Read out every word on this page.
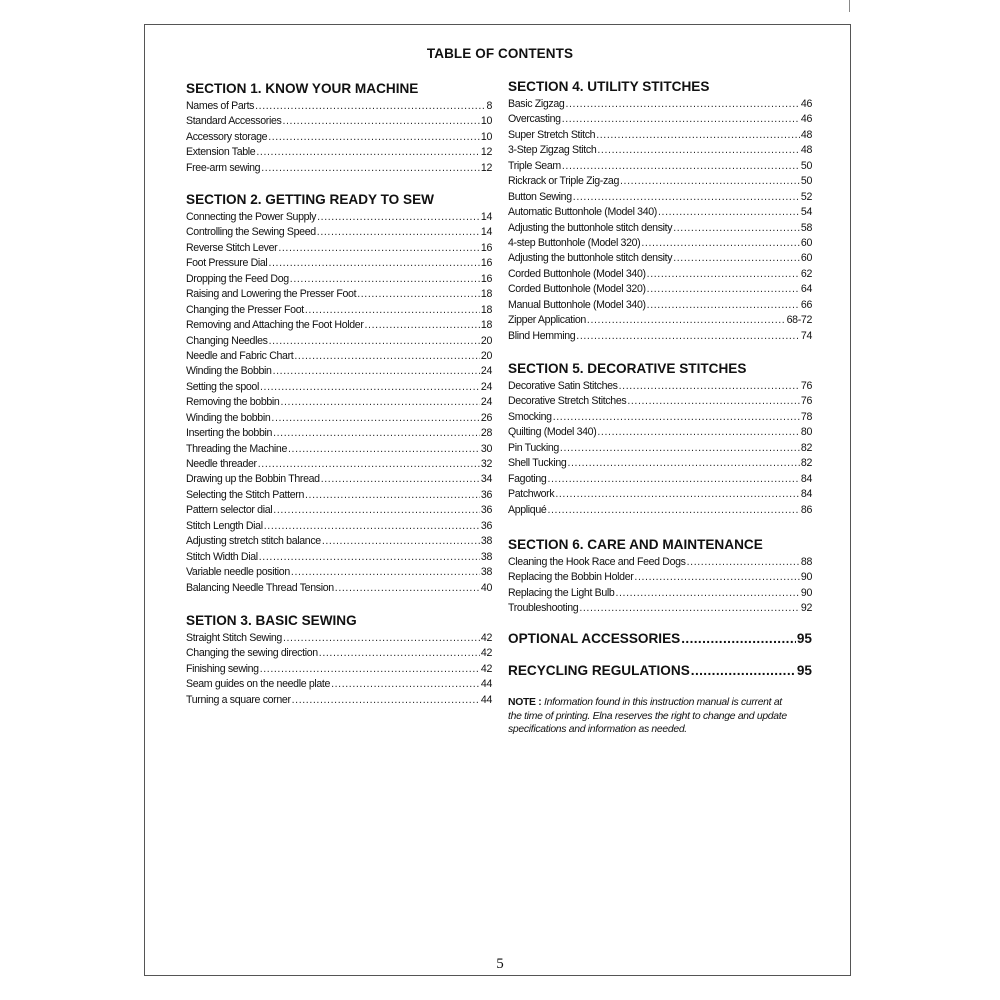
TABLE OF CONTENTS
SECTION 1. KNOW YOUR MACHINE
Names of Parts .....	8
Standard Accessories .....	10
Accessory storage .....	10
Extension Table .....	12
Free-arm sewing .....	12
SECTION 2. GETTING READY TO SEW
Connecting the Power Supply .....	14
Controlling the Sewing Speed .....	14
Reverse Stitch Lever .....	16
Foot Pressure Dial .....	16
Dropping the Feed Dog .....	16
Raising and Lowering the Presser Foot .....	18
Changing the Presser Foot .....	18
Removing and Attaching the Foot Holder .....	18
Changing Needles .....	20
Needle and Fabric Chart .....	20
Winding the Bobbin .....	24
Setting the spool .....	24
Removing the bobbin .....	24
Winding the bobbin .....	26
Inserting the bobbin .....	28
Threading the Machine .....	30
Needle threader .....	32
Drawing up the Bobbin Thread .....	34
Selecting the Stitch Pattern .....	36
Pattern selector dial .....	36
Stitch Length Dial .....	36
Adjusting stretch stitch balance .....	38
Stitch Width Dial .....	38
Variable needle position .....	38
Balancing Needle Thread Tension .....	40
SETION 3. BASIC SEWING
Straight Stitch Sewing .....	42
Changing the sewing direction .....	42
Finishing sewing .....	42
Seam guides on the needle plate .....	44
Turning a square corner .....	44
SECTION 4. UTILITY STITCHES
Basic Zigzag .....	46
Overcasting .....	46
Super Stretch Stitch .....	48
3-Step Zigzag Stitch .....	48
Triple Seam .....	50
Rickrack or Triple Zig-zag .....	50
Button Sewing .....	52
Automatic Buttonhole (Model 340) .....	54
Adjusting the buttonhole stitch density .....	58
4-step Buttonhole (Model 320) .....	60
Adjusting the buttonhole stitch density .....	60
Corded Buttonhole (Model 340) .....	62
Corded Buttonhole (Model 320) .....	64
Manual Buttonhole (Model 340) .....	66
Zipper Application .....	68-72
Blind Hemming .....	74
SECTION 5. DECORATIVE STITCHES
Decorative Satin Stitches .....	76
Decorative Stretch Stitches .....	76
Smocking .....	78
Quilting (Model 340) .....	80
Pin Tucking .....	82
Shell Tucking .....	82
Fagoting .....	84
Patchwork .....	84
Appliqué .....	86
SECTION 6. CARE AND MAINTENANCE
Cleaning the Hook Race and Feed Dogs .....	88
Replacing the Bobbin Holder .....	90
Replacing the Light Bulb .....	90
Troubleshooting .....	92
OPTIONAL ACCESSORIES .....	95
RECYCLING REGULATIONS .....	95
NOTE : Information found in this instruction manual is current at the time of printing. Elna reserves the right to change and update specifications and information as needed.
5
